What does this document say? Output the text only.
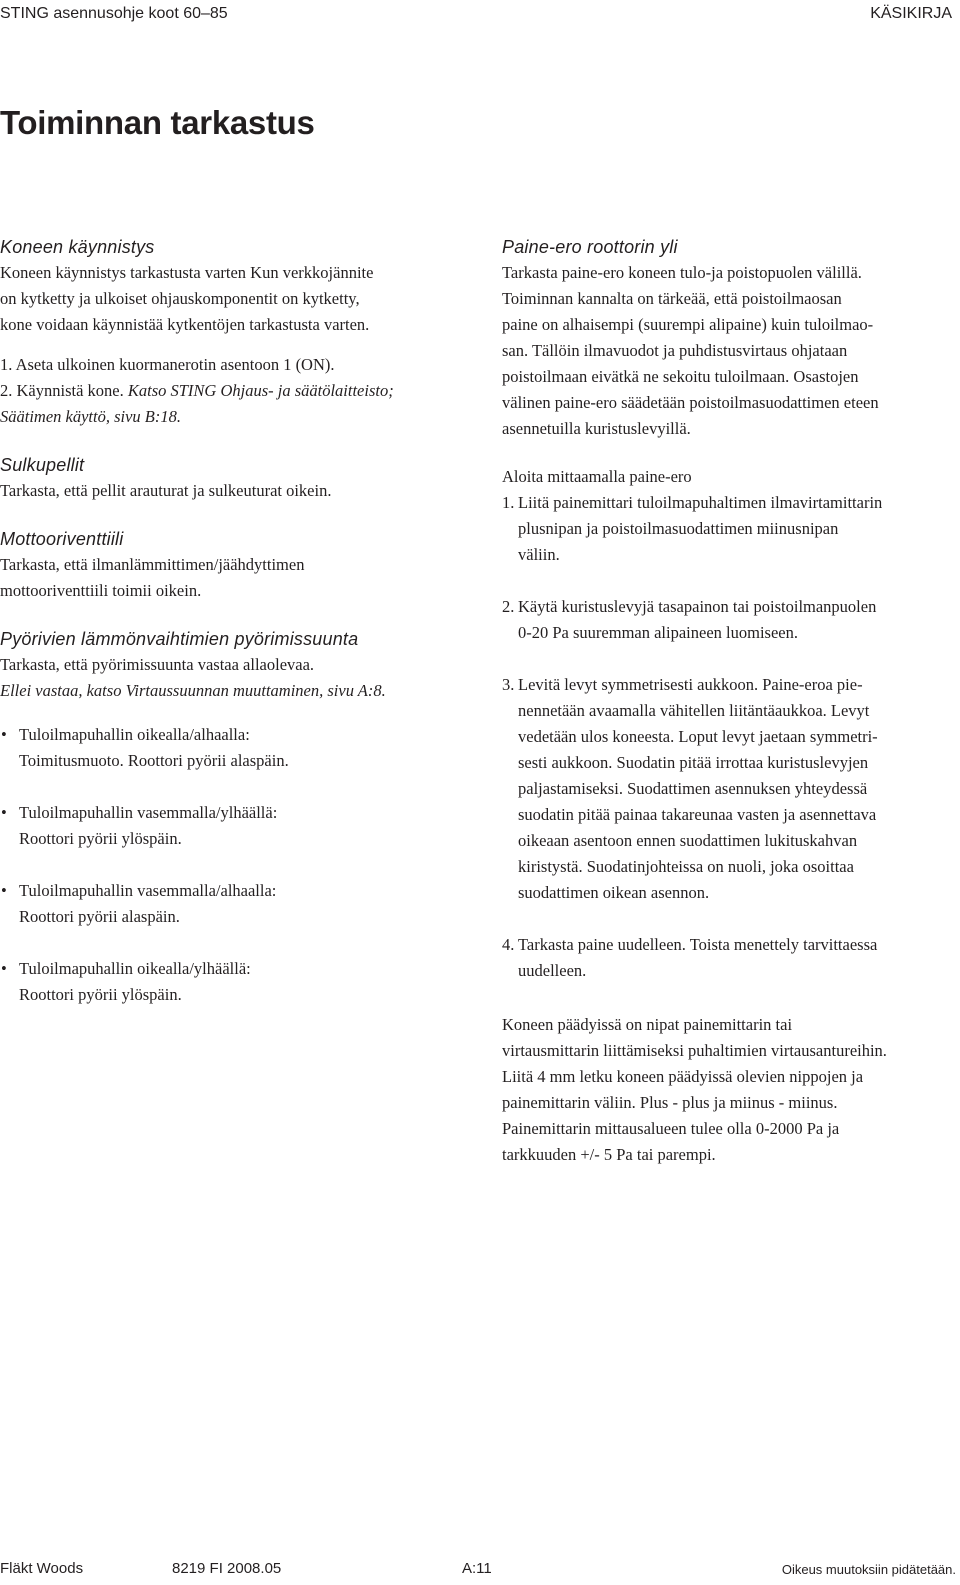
STING asennusohje koot 60–85	KÄSIKIRJA
Toiminnan tarkastus
Koneen käynnistys

Koneen käynnistys tarkastusta varten Kun verkkojännite

on kytketty ja ulkoiset ohjauskomponentit on kytketty,

kone voidaan käynnistää kytkentöjen tarkastusta varten.

1. Aseta ulkoinen kuormanerotin asentoon 1 (ON).

2. Käynnistä kone. Katso STING Ohjaus- ja säätölaitteisto;

Säätimen käyttö, sivu B:18.

Sulkupellit

Tarkasta, että pellit arauturat ja sulkeuturat oikein.

Mottooriventtiili

Tarkasta, että ilmanlämmittimen/jäähdyttimen

mottooriventtiili toimii oikein.

Pyörivien lämmönvaihtimien pyörimissuunta

Tarkasta, että pyörimissuunta vastaa allaolevaa.

Ellei vastaa, katso Virtaussuunnan muuttaminen, sivu A:8.

• Tuloilmapuhallin oikealla/alhaalla:
Toimitusmuoto. Roottori pyörii alaspäin.
• Tuloilmapuhallin vasemmalla/ylhäällä:
Roottori pyörii ylöspäin.
• Tuloilmapuhallin vasemmalla/alhaalla:
Roottori pyörii alaspäin.
• Tuloilmapuhallin oikealla/ylhäällä:
Roottori pyörii ylöspäin.
Paine-ero roottorin yli

Tarkasta paine-ero koneen tulo-ja poistopuolen välillä.

Toiminnan kannalta on tärkeää, että poistoilmaosan

paine on alhaisempi (suurempi alipaine) kuin tuloilmao-

san. Tällöin ilmavuodot ja puhdistusvirtaus ohjataan

poistoilmaan eivätkä ne sekoitu tuloilmaan. Osastojen

välinen paine-ero säädetään poistoilmasuodattimen eteen

asennetuilla kuristuslevyillä.

Aloita mittaamalla paine-ero

1. Liitä painemittari tuloilmapuhaltimen ilmavirtamittarin
plusnipan ja poistoilmasuodattimen miinusnipan
väliin.
2. Käytä kuristuslevyjä tasapainon tai poistoilmanpuolen
0-20 Pa suuremman alipaineen luomiseen.
3. Levitä levyt symmetrisesti aukkoon. Paine-eroa pie-
nennetään avaamalla vähitellen liitäntäaukkoa. Levyt
vedetään ulos koneesta. Loput levyt jaetaan symmetri-
sesti aukkoon. Suodatin pitää irrottaa kuristuslevyjen
paljastamiseksi. Suodattimen asennuksen yhteydessä
suodatin pitää painaa takareunaa vasten ja asennettava
oikeaan asentoon ennen suodattimen lukituskahvan
kiristystä. Suodatinjohteissa on nuoli, joka osoittaa
suodattimen oikean asennon.
4. Tarkasta paine uudelleen. Toista menettely tarvittaessa
uudelleen.

Koneen päädyissä on nipat painemittarin tai

virtausmittarin liittämiseksi puhaltimien virtausantureihin.

Liitä 4 mm letku koneen päädyissä olevien nippojen ja

painemittarin väliin. Plus - plus ja miinus - miinus.

Painemittarin mittausalueen tulee olla 0-2000 Pa ja

tarkkuuden +/- 5 Pa tai parempi.

Fläkt Woods	8219 FI 2008.05	A:11	Oikeus muutoksiin pidätetään.
